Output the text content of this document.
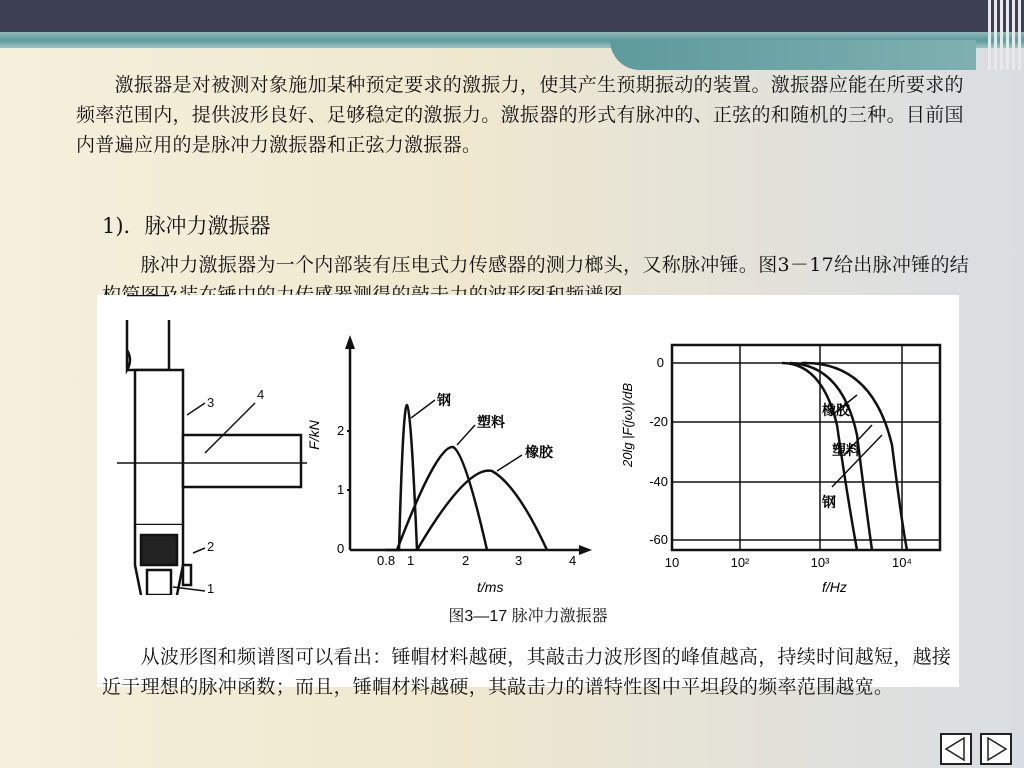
　　激振器是对被测对象施加某种预定要求的激振力，使其产生预期振动的装置。激振器应能在所要求的频率范围内，提供波形良好、足够稳定的激振力。激振器的形式有脉冲的、正弦的和随机的三种。目前国内普遍应用的是脉冲力激振器和正弦力激振器。
1)．脉冲力激振器
　　脉冲力激振器为一个内部装有压电式力传感器的测力榔头，又称脉冲锤。图3－17给出脉冲锤的结
3
4
2
1
F/kN
0
1
2
0.8 1	2	3	4
t/ms
钢
塑料
橡胶	20lg |F(jω)|/dB
0
-20
-40
-60
10	10²	10³	10⁴
f/Hz
橡胶
塑料
钢
图3—17 脉冲力激振器
　　从波形图和频谱图可以看出：锤帽材料越硬，其敲击力波形图的峰值越高，持续时间越短，越接近于理想的脉冲函数；而且，锤帽材料越硬，其敲击力的谱特性图中平坦段的频率范围越宽。
